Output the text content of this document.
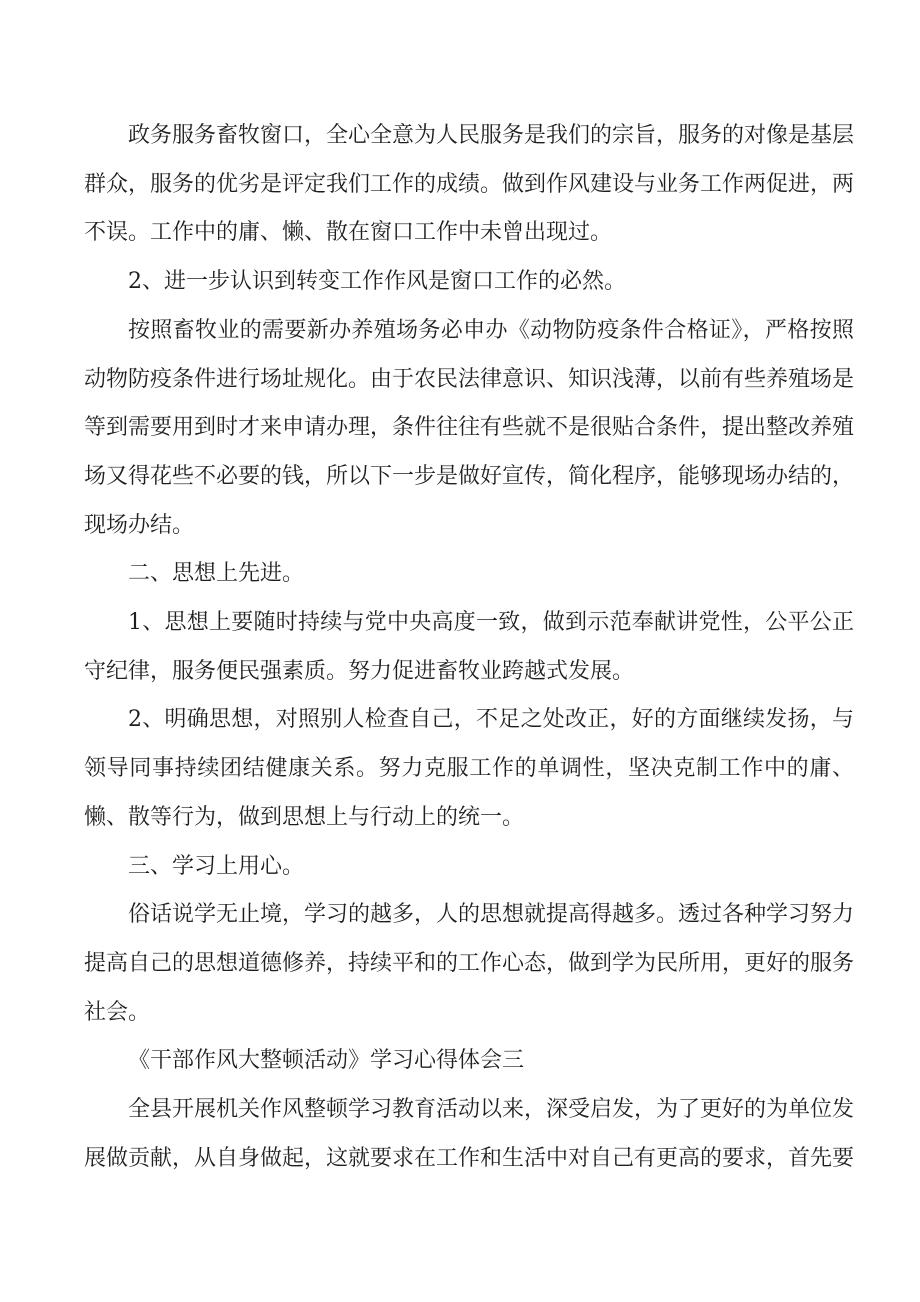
政务服务畜牧窗口，全心全意为人民服务是我们的宗旨，服务的对像是基层群众，服务的优劣是评定我们工作的成绩。做到作风建设与业务工作两促进，两不误。工作中的庸、懒、散在窗口工作中未曾出现过。

2、进一步认识到转变工作作风是窗口工作的必然。

按照畜牧业的需要新办养殖场务必申办《动物防疫条件合格证》，严格按照动物防疫条件进行场址规化。由于农民法律意识、知识浅薄，以前有些养殖场是等到需要用到时才来申请办理，条件往往有些就不是很贴合条件，提出整改养殖场又得花些不必要的钱，所以下一步是做好宣传，简化程序，能够现场办结的，现场办结。

二、思想上先进。

1、思想上要随时持续与党中央高度一致，做到示范奉献讲党性，公平公正守纪律，服务便民强素质。努力促进畜牧业跨越式发展。

2、明确思想，对照别人检查自己，不足之处改正，好的方面继续发扬，与领导同事持续团结健康关系。努力克服工作的单调性，坚决克制工作中的庸、懒、散等行为，做到思想上与行动上的统一。

三、学习上用心。

俗话说学无止境，学习的越多，人的思想就提高得越多。透过各种学习努力提高自己的思想道德修养，持续平和的工作心态，做到学为民所用，更好的服务社会。

《干部作风大整顿活动》学习心得体会三

全县开展机关作风整顿学习教育活动以来，深受启发，为了更好的为单位发展做贡献，从自身做起，这就要求在工作和生活中对自己有更高的要求，首先要
